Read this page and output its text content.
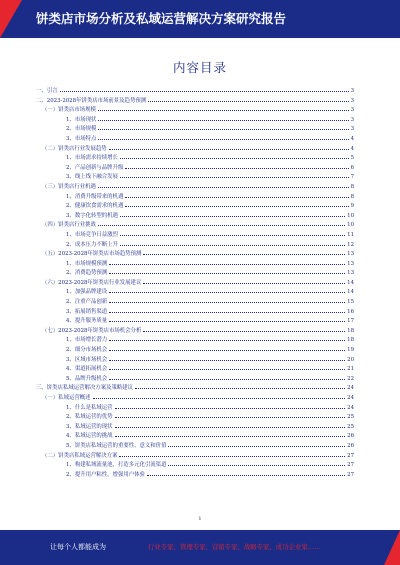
饼类店市场分析及私域运营解决方案研究报告
内容目录
一、引言	3
二、2023-2028年饼类店市场前景及趋势预测	3
（一）饼类店市场规模	3
1、市场现状	3
2、市场规模	3
3、市场特点	4
（二）饼类店行业发展趋势	4
1、市场需求持续增长	5
2、产品创新与品牌升级	6
3、线上线下融合发展	7
（三）饼类店行业机遇	8
1、消费升级带来的机遇	8
2、健康饮食需求的机遇	9
3、数字化转型的机遇	10
（四）饼类店行业挑战	10
1、市场竞争日益激烈	11
2、成本压力不断上升	12
（五）2023-2028年饼类店市场趋势预测	13
1、市场规模预测	13
2、消费趋势预测	13
（六）2023-2028年饼类店行业发展建议	14
1、加强品牌建设	14
2、注重产品创新	15
3、拓展销售渠道	16
4、提升服务质量	17
（七）2023-2028年饼类店市场机会分析	18
1、市场增长潜力	18
2、细分市场机会	19
3、区域市场机会	20
4、渠道拓展机会	21
5、品牌升级机会	22
三、饼类店私域运营解决方案及策略建议	24
（一）私域运营概述	24
1、什么是私域运营	24
2、私域运营的优势	25
3、私域运营的现状	25
4、私域运营的挑战	26
5、饼类店私域运营的重要性、意义和价值	26
（二）饼类店私域运营解决方案	27
1、构建私域流量池，打造多元化引流渠道	27
2、提升用户粘性，增强用户体验	27
1
让每个人都能成为	行业专家、管理专家、营销专家、战略专家、成功企业家……
